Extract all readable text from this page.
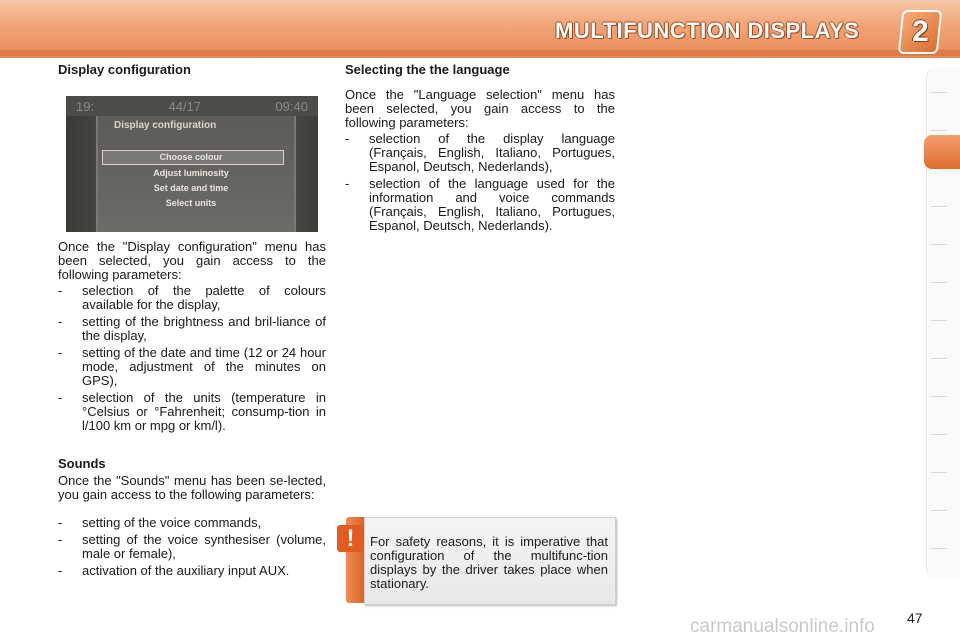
MULTIFUNCTION DISPLAYS 2
Display configuration
19:	44/17	09:40
Display configuration
Choose colour
Adjust luminosity
Set date and time
Select units
Once the "Display configuration" menu has been selected, you gain access to the following parameters:
- selection of the palette of colours available for the display,
- setting of the brightness and bril-liance of the display,
- setting of the date and time (12 or 24 hour mode, adjustment of the minutes on GPS),
- selection of the units (temperature in °Celsius or °Fahrenheit; consump-tion in l/100 km or mpg or km/l).
Sounds
Once the "Sounds" menu has been se-lected, you gain access to the following parameters:
- setting of the voice commands,
- setting of the voice synthesiser (volume, male or female),
- activation of the auxiliary input AUX.
Selecting the the language
Once the "Language selection" menu has been selected, you gain access to the following parameters:
- selection of the display language (Français, English, Italiano, Portugues, Espanol, Deutsch, Nederlands),
- selection of the language used for the information and voice commands (Français, English, Italiano, Portugues, Espanol, Deutsch, Nederlands).
!	For safety reasons, it is imperative that configuration of the multifunc-tion displays by the driver takes place when stationary.
carmanualsonline.info 47
